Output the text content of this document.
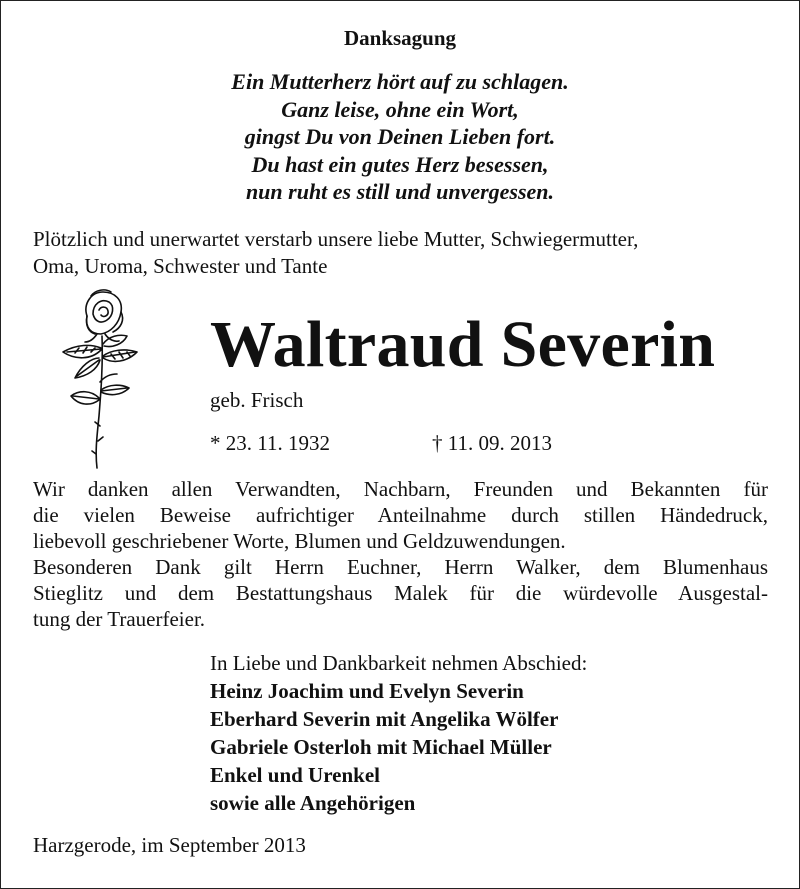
Danksagung
Ein Mutterherz hört auf zu schlagen.
Ganz leise, ohne ein Wort,
gingst Du von Deinen Lieben fort.
Du hast ein gutes Herz besessen,
nun ruht es still und unvergessen.
Plötzlich und unerwartet verstarb unsere liebe Mutter, Schwiegermutter,
Oma, Uroma, Schwester und Tante
Waltraud Severin
geb. Frisch
* 23. 11. 1932	† 11. 09. 2013
Wir danken allen Verwandten, Nachbarn, Freunden und Bekannten für
die vielen Beweise aufrichtiger Anteilnahme durch stillen Händedruck,
liebevoll geschriebener Worte, Blumen und Geldzuwendungen.
Besonderen Dank gilt Herrn Euchner, Herrn Walker, dem Blumenhaus
Stieglitz und dem Bestattungshaus Malek für die würdevolle Ausgestal-
tung der Trauerfeier.
In Liebe und Dankbarkeit nehmen Abschied:
Heinz Joachim und Evelyn Severin
Eberhard Severin mit Angelika Wölfer
Gabriele Osterloh mit Michael Müller
Enkel und Urenkel
sowie alle Angehörigen
Harzgerode, im September 2013
